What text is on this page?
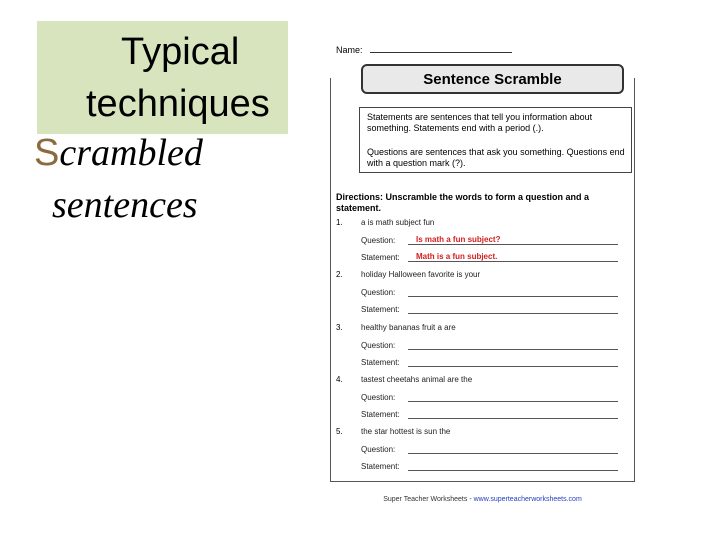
Typical
techniques
Scrambled
sentences
Name:
Sentence Scramble
Statements are sentences that tell you information about something. Statements end with a period (.).
Questions are sentences that ask you something. Questions end with a question mark (?).
Directions: Unscramble the words to form a question and a statement.
Super Teacher Worksheets - www.superteacherworksheets.com
1. a is math subject fun
Question:	Is math a fun subject?
Statement: Math is a fun subject.
2. holiday Halloween favorite is your
Question:
Statement:
3. healthy bananas fruit a are
Question:
Statement:
4. tastest cheetahs animal are the
Question:
Statement:
5. the star hottest is sun the
Question:
Statement:
